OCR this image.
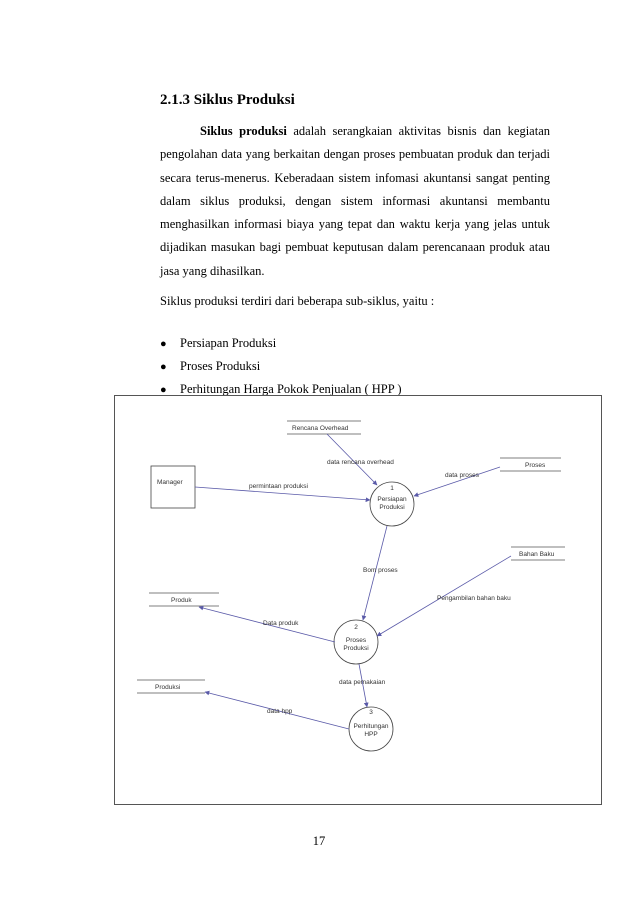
2.1.3 Siklus Produksi
Siklus produksi adalah serangkaian aktivitas bisnis dan kegiatan pengolahan data yang berkaitan dengan proses pembuatan produk dan terjadi secara terus-menerus. Keberadaan sistem infomasi akuntansi sangat penting dalam siklus produksi, dengan sistem informasi akuntansi membantu menghasilkan informasi biaya yang tepat dan waktu kerja yang jelas untuk dijadikan masukan bagi pembuat keputusan dalam perencanaan produk atau jasa yang dihasilkan.
Siklus produksi terdiri dari beberapa sub-siklus, yaitu :
● Persiapan Produksi
● Proses Produksi
● Perhitungan Harga Pokok Penjualan ( HPP )
Manager
Rencana Overhead
Proses
Bahan Baku
Produk
Produksi
1
Persiapan
Produksi
2
Proses
Produksi
3
Perhitungan
HPP
permintaan produksi
data rencana overhead
data proses
Bom proses
Pengambilan bahan baku
Data produk
data pemakaian
data hpp
17
